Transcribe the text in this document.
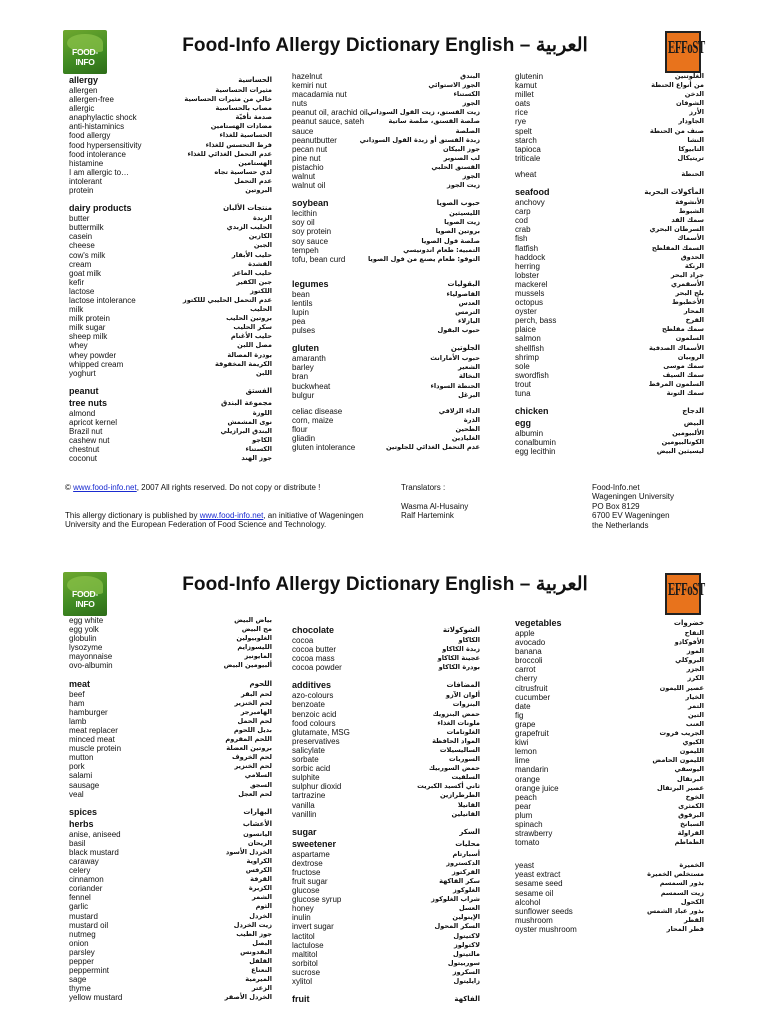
FOOD-INFO
Food-Info Allergy Dictionary English – العربية	EFFoST
allergy	الحساسية
allergen	مثيرات الحساسية
allergen-free	خالي من مثيرات الحساسية
allergic	مصاب بالحساسية
anaphylactic shock	صدمة تأقيّة
anti-histaminics	مضادات الهستامين
food allergy	الحساسية للغذاء
food hypersensitivity	فرط التحسس للغذاء
food intolerance	عدم التحمل الغذائي للغذاء
histamine	الهستامين
I am allergic to…	لدي حساسية تجاه
intolerant	عدم التحمل
protein	البروتين
dairy products	منتجات الألبان
butter	الزبدة
buttermilk	الحليب الزبدي
casein	الكازين
cheese	الجبن
cow's milk	حليب الأبقار
cream	القشدة
goat milk	حليب الماعز
kefir	جبن الكفير
lactose	اللكتوز
lactose intolerance	عدم التحمل الحليبي لللكتوز
milk	الحليب
milk protein	بروتين الحليب
milk sugar	سكر الحليب
sheep milk	حليب الأغنام
whey	مصل اللبن
whey powder	بودرة المصالة
whipped cream	الكريمة المخفوقة
yoghurt	اللبن
peanut	الفستق
tree nuts	مجموعة البندق
almond	اللوزة
apricot kernel	نوى المشمش
Brazil nut	البندق البرازيلي
cashew nut	الكاجو
chestnut	الكستناء
coconut	جوز الهند
hazelnut	البندق
kemiri nut	الجوز الاستوائي
macadamia nut	الكستناء
nuts	الجوز
peanut oil, arachid oil زيت الفستق، زيت الفول السوداني
peanut sauce, sateh	صلصة الفستق، صلصة ساتية
sauce	الصلصة
peanutbutter	زبدة الفستق أو زبدة الفول السوداني
pecan nut	جوز البيكان
pine nut	لب الصنوبر
pistachio	الفستق الحلبي
walnut	الجوز
walnut oil	زيت الجوز
soybean	حبوب الصويا
lecithin	الليسيثين
soy oil	زيت الصويا
soy protein	بروتين الصويا
soy sauce	صلصة فول الصويا
tempeh	التمبيه: طعام اندونيسي
tofu, bean curd	التوفو: طعام يصنع من فول الصويا
legumes	البقوليات
bean	الفاصولياء
lentils	العدس
lupin	الترمس
pea	البازلاء
pulses	حبوب البقول
gluten	الجلوتين
amaranth	حبوب الأمارانث
barley	الشعير
bran	النخالة
buckwheat	الحنطة السوداء
bulgur	البرغل
celiac disease	الداء الزلاقي
corn, maize	الذرة
flour	الطحين
gliadin	الغليادين
gluten intolerance	عدم التحمل الغذائي للجلوتين
glutenin	الغلوتنين
kamut	من أنواع الحنطة
millet	الدخن
oats	الشوفان
rice	الأرز
rye	الجاودار
spelt	صنف من الحنطة
starch	النشا
tapioca	التابيوكا
triticale	تريتيكال
wheat	الحنطة
seafood	المأكولات البحرية
anchovy	الأنشوفة
carp	الشبوط
cod	سمك القد
crab	السرطان البحري
fish	الأسماك
flatfish	السمك المفلطح
haddock	الحدوق
herring	الرنكة
lobster	جراد البحر
mackerel	الأسقمري
mussels	بلح البحر
octopus	الأخطبوط
oyster	المحار
perch, bass	الفرخ
plaice	سمك مفلطح
salmon	السلمون
shellfish	الأسماك الصدفية
shrimp	الروبيان
sole	سمك موسى
swordfish	سمك السيف
trout	السلمون المرقط
tuna	سمك التونة
chicken	الدجاج
egg	البيض
albumin	الألبيومين
conalbumin	الكونالبيومين
egg lecithin	ليسيثين البيض
© www.food-info.net, 2007 All rights reserved. Do not copy or distribute !
This allergy dictionary is published by www.food-info.net, an initiative of Wageningen
University and the European Federation of Food Science and Technology.
Translators :
Wasma Al-Husainy
Ralf Hartemink
Food-Info.net
Wageningen University
PO Box 8129
6700 EV Wageningen
the Netherlands
FOOD-INFO
Food-Info Allergy Dictionary English – العربية	EFFoST
egg white	بياض البيض
egg yolk	مح البيض
globulin	الغلوبيولين
lysozyme	الليسوزايم
mayonnaise	المايونيز
ovo-albumin	ألبيومين البيض
meat	اللحوم
beef	لحم البقر
ham	لحم الخنزير
hamburger	الهامبرجر
lamb	لحم الحمل
meat replacer	بديل اللحوم
minced meat	اللحم المفروم
muscle protein	بروتين العضلة
mutton	لحم الخروف
pork	لحم الخنزير
salami	السلامي
sausage	السجق
veal	لحم العجل
spices	البهارات
herbs	الأعشاب
anise, aniseed	اليانسون
basil	الريحان
black mustard	الخردل الأسود
caraway	الكراوية
celery	الكرفس
cinnamon	القرفة
coriander	الكزبرة
fennel	الشمر
garlic	الثوم
mustard	الخردل
mustard oil	زيت الخردل
nutmeg	جوز الطيب
onion	البصل
parsley	البقدونس
pepper	الفلفل
peppermint	النعناع
sage	الميرمية
thyme	الزعتر
yellow mustard	الخردل الأصفر
chocolate	الشوكولاتة
cocoa	الكاكاو
cocoa butter	زبدة الكاكاو
cocoa mass	عجينة الكاكاو
cocoa powder	بودرة الكاكاو
additives	المضافات
azo-colours	ألوان الآزو
benzoate	البنزوات
benzoic acid	حمض البنزويك
food colours	ملونات الغذاء
glutamate, MSG	الغلوتامات
preservatives	المواد الحافظة
salicylate	الساليسيلات
sorbate	السوربات
sorbic acid	حمض السوربيك
sulphite	السلفيت
sulphur dioxid	ثاني أكسيد الكبريت
tartrazine	الطرطرازين
vanilla	الفانيلا
vanillin	الفانيلين
sugar	السكر
sweetener	محليات
aspartame	أسبارتام
dextrose	الدكستروز
fructose	الفركتوز
fruit sugar	سكر الفاكهة
glucose	الغلوكوز
glucose syrup	شراب الغلوكوز
honey	العسل
inulin	الإينولين
invert sugar	السكر المحول
lactitol	لاكتيتول
lactulose	لاكتولوز
maltitol	مالتيتول
sorbitol	سوربيتول
sucrose	السكروز
xylitol	زايليتول
fruit	الفاكهة
vegetables	خضروات
apple	التفاح
avocado	الأفوكادو
banana	الموز
broccoli	البروكلي
carrot	الجزر
cherry	الكرز
citrusfruit	عصير الليمون
cucumber	الخيار
date	التمر
fig	التين
grape	العنب
grapefruit	الجريب فروت
kiwi	الكيوي
lemon	الليمون
lime	الليمون الحامض
mandarin	اليوسفي
orange	البرتقال
orange juice	عصير البرتقال
peach	الخوخ
pear	الكمثرى
plum	البرقوق
spinach	السبانخ
strawberry	الفراولة
tomato	الطماطم
yeast	الخميرة
yeast extract	مستخلص الخميرة
sesame seed	بذور السمسم
sesame oil	زيت السمسم
alcohol	الكحول
sunflower seeds	بذور عباد الشمس
mushroom	الفطر
oyster mushroom	فطر المحار
